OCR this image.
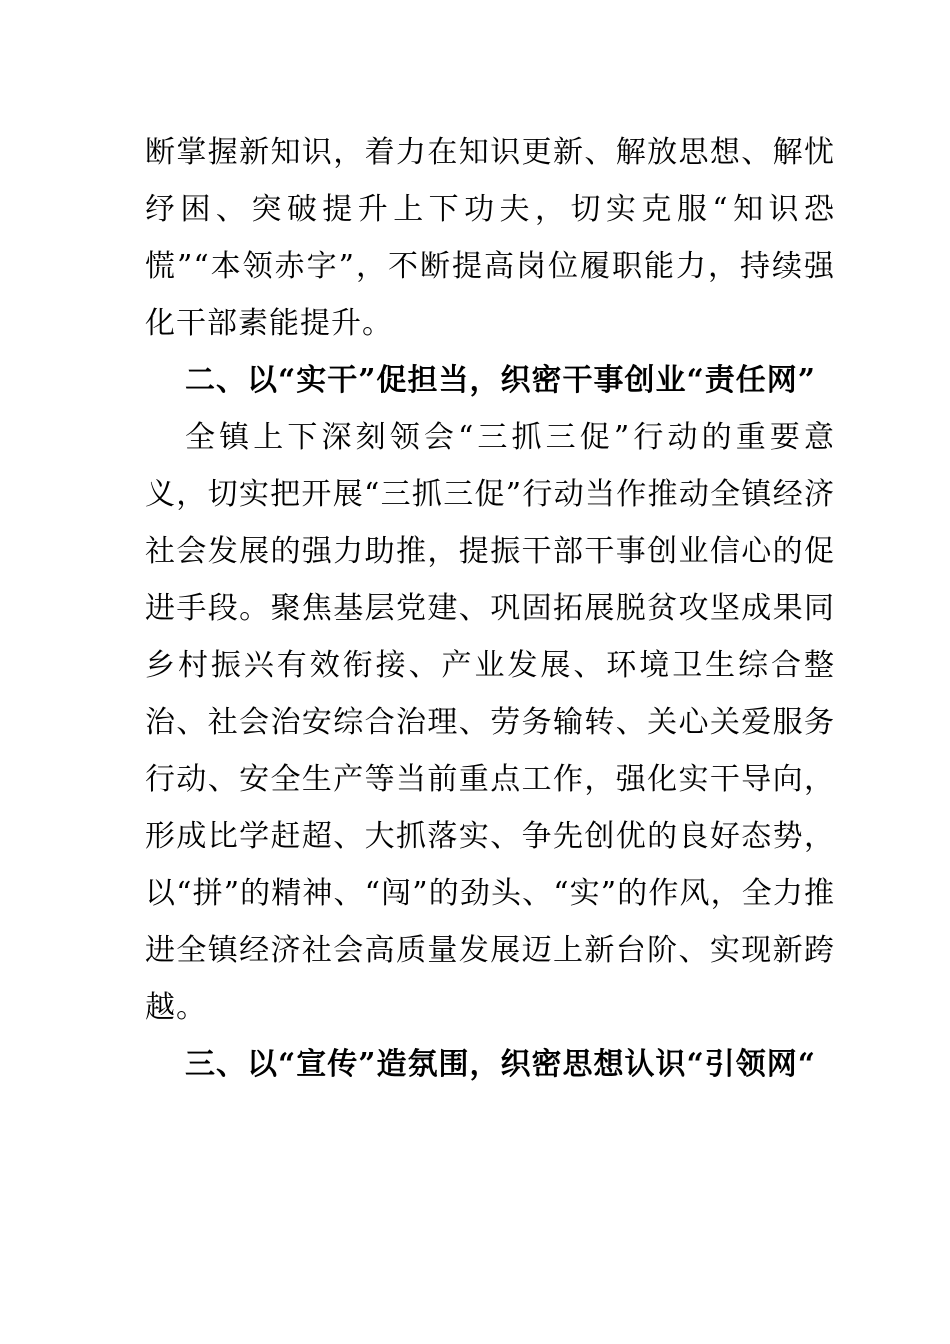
断掌握新知识，着力在知识更新、解放思想、解忧纾困、突破提升上下功夫，切实克服“知识恐慌”“本领赤字”，不断提高岗位履职能力，持续强化干部素能提升。

二、以“实干”促担当，织密干事创业“责任网”

全镇上下深刻领会“三抓三促”行动的重要意义，切实把开展“三抓三促”行动当作推动全镇经济社会发展的强力助推，提振干部干事创业信心的促进手段。聚焦基层党建、巩固拓展脱贫攻坚成果同乡村振兴有效衔接、产业发展、环境卫生综合整治、社会治安综合治理、劳务输转、关心关爱服务行动、安全生产等当前重点工作，强化实干导向，形成比学赶超、大抓落实、争先创优的良好态势，以“拼”的精神、“闯”的劲头、“实”的作风，全力推进全镇经济社会高质量发展迈上新台阶、实现新跨越。

三、以“宣传”造氛围，织密思想认识“引领网“
